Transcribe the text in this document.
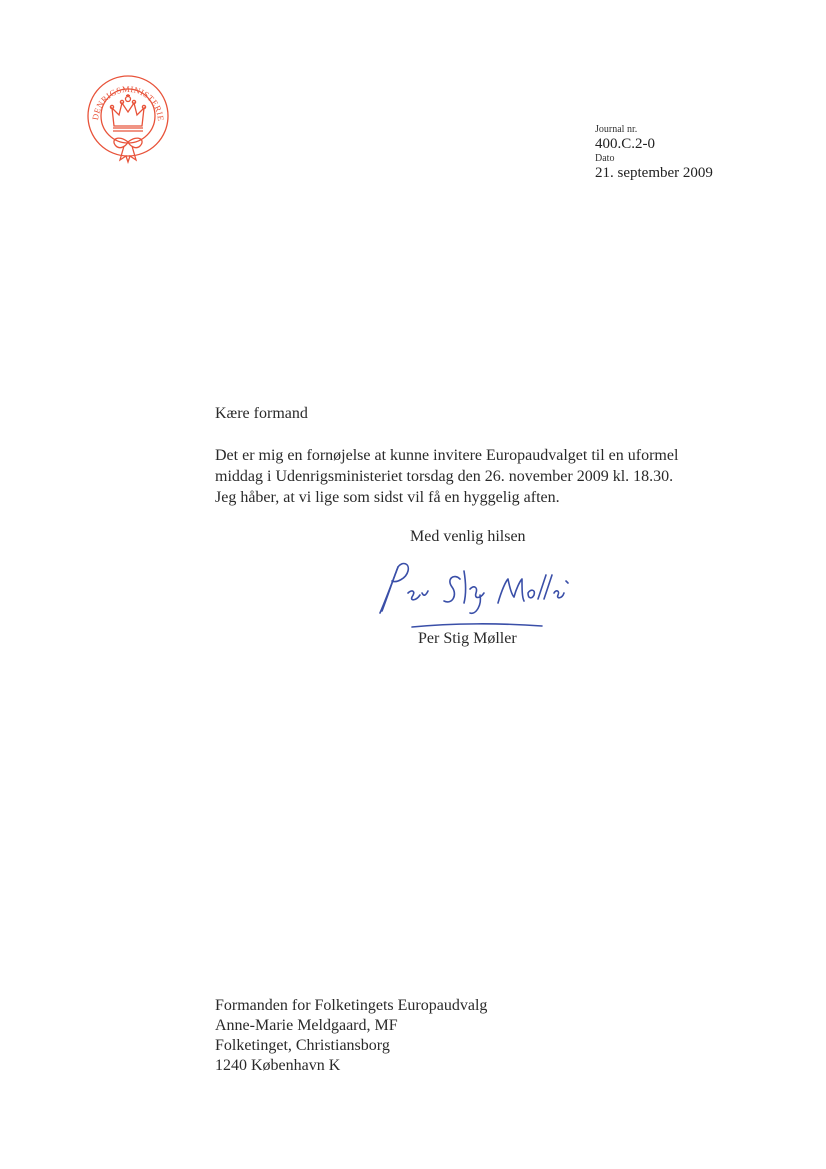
DENRIGSMINISTERIE
Journal nr.
400.C.2-0
Dato
21. september 2009
Kære formand
Det er mig en fornøjelse at kunne invitere Europaudvalget til en uformel
middag i Udenrigsministeriet torsdag den 26. november 2009 kl. 18.30.
Jeg håber, at vi lige som sidst vil få en hyggelig aften.
Med venlig hilsen
Per Stig Møller
Formanden for Folketingets Europaudvalg
Anne-Marie Meldgaard, MF
Folketinget, Christiansborg
1240 København K
